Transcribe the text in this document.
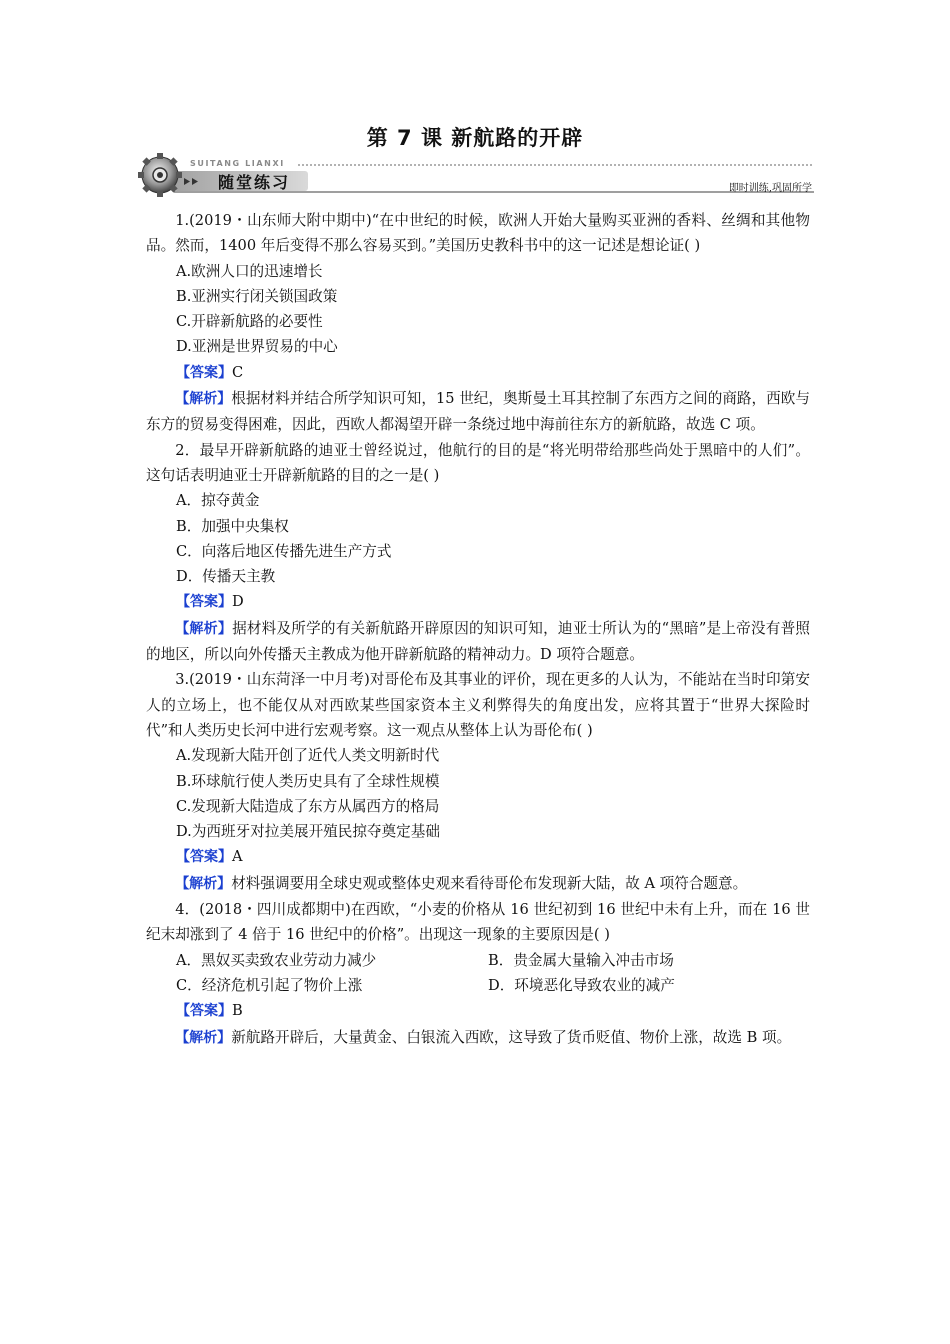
第 7 课 新航路的开辟
SUITANG LIANXI
随堂练习	即时训练,巩固所学

1.(2019・山东师大附中期中)“在中世纪的时候，欧洲人开始大量购买亚洲的香料、丝绸和其他物品。然而，1400 年后变得不那么容易买到。”美国历史教科书中的这一记述是想论证( )

A.欧洲人口的迅速增长

B.亚洲实行闭关锁国政策

C.开辟新航路的必要性

D.亚洲是世界贸易的中心

【答案】C

【解析】根据材料并结合所学知识可知，15 世纪，奥斯曼土耳其控制了东西方之间的商路，西欧与东方的贸易变得困难，因此，西欧人都渴望开辟一条绕过地中海前往东方的新航路，故选 C 项。

2．最早开辟新航路的迪亚士曾经说过，他航行的目的是“将光明带给那些尚处于黑暗中的人们”。这句话表明迪亚士开辟新航路的目的之一是( )

A．掠夺黄金

B．加强中央集权

C．向落后地区传播先进生产方式

D．传播天主教

【答案】D

【解析】据材料及所学的有关新航路开辟原因的知识可知，迪亚士所认为的“黑暗”是上帝没有普照的地区，所以向外传播天主教成为他开辟新航路的精神动力。D 项符合题意。

3.(2019・山东菏泽一中月考)对哥伦布及其事业的评价，现在更多的人认为，不能站在当时印第安人的立场上，也不能仅从对西欧某些国家资本主义利弊得失的角度出发，应将其置于“世界大探险时代”和人类历史长河中进行宏观考察。这一观点从整体上认为哥伦布( )

A.发现新大陆开创了近代人类文明新时代

B.环球航行使人类历史具有了全球性规模

C.发现新大陆造成了东方从属西方的格局

D.为西班牙对拉美展开殖民掠夺奠定基础

【答案】A

【解析】材料强调要用全球史观或整体史观来看待哥伦布发现新大陆，故 A 项符合题意。

4．(2018・四川成都期中)在西欧，“小麦的价格从 16 世纪初到 16 世纪中未有上升，而在 16 世纪末却涨到了 4 倍于 16 世纪中的价格”。出现这一现象的主要原因是( )

A．黑奴买卖致农业劳动力减少	B．贵金属大量输入冲击市场
C．经济危机引起了物价上涨	D．环境恶化导致农业的减产

【答案】B

【解析】新航路开辟后，大量黄金、白银流入西欧，这导致了货币贬值、物价上涨，故选 B 项。
